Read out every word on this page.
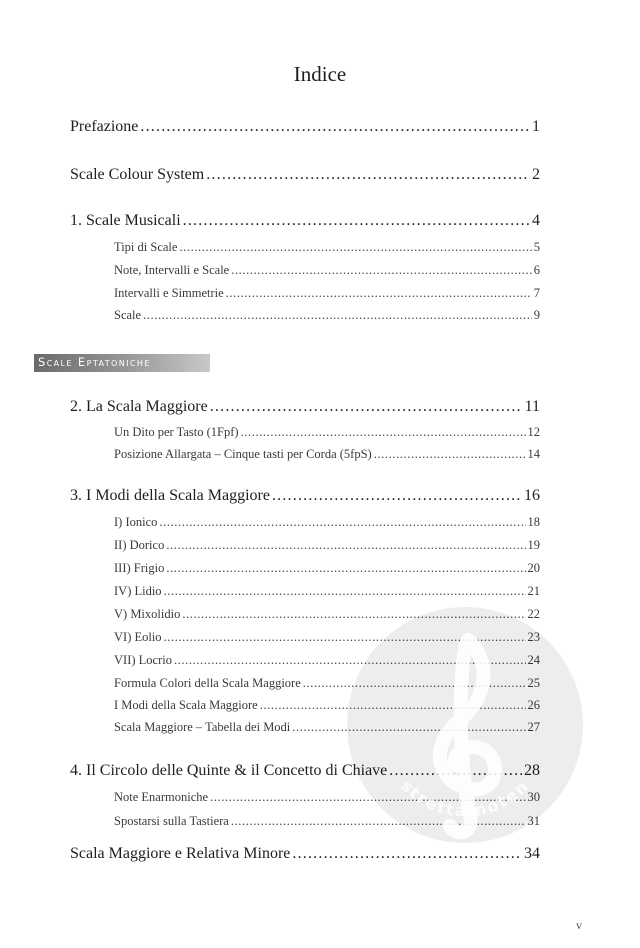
Indice
Prefazione .....	1
Scale Colour System .....	2
1. Scale Musicali .....	4
Tipi di Scale .....	5
Note, Intervalli e Scale .....	6
Intervalli e Simmetrie .....	7
Scale .....	9
Scale Eptatoniche
2. La Scala Maggiore .....	11
Un Dito per Tasto (1Fpf) .....	12
Posizione Allargata – Cinque tasti per Corda (5fpS) .....	14
3. I Modi della Scala Maggiore .....	16
I) Ionico .....	18
II) Dorico .....	19
III) Frigio .....	20
IV) Lidio .....	21
V) Mixolidio .....	22
VI) Eolio .....	23
VII) Locrio .....	24
Formula Colori della Scala Maggiore .....	25
I Modi della Scala Maggiore .....	26
Scala Maggiore – Tabella dei Modi .....	27
4. Il Circolo delle Quinte & il Concetto di Chiave .....	28
Note Enarmoniche .....	30
Spostarsi sulla Tastiera .....	31
Scala Maggiore e Relativa Minore .....	34
stretta-noten
v
